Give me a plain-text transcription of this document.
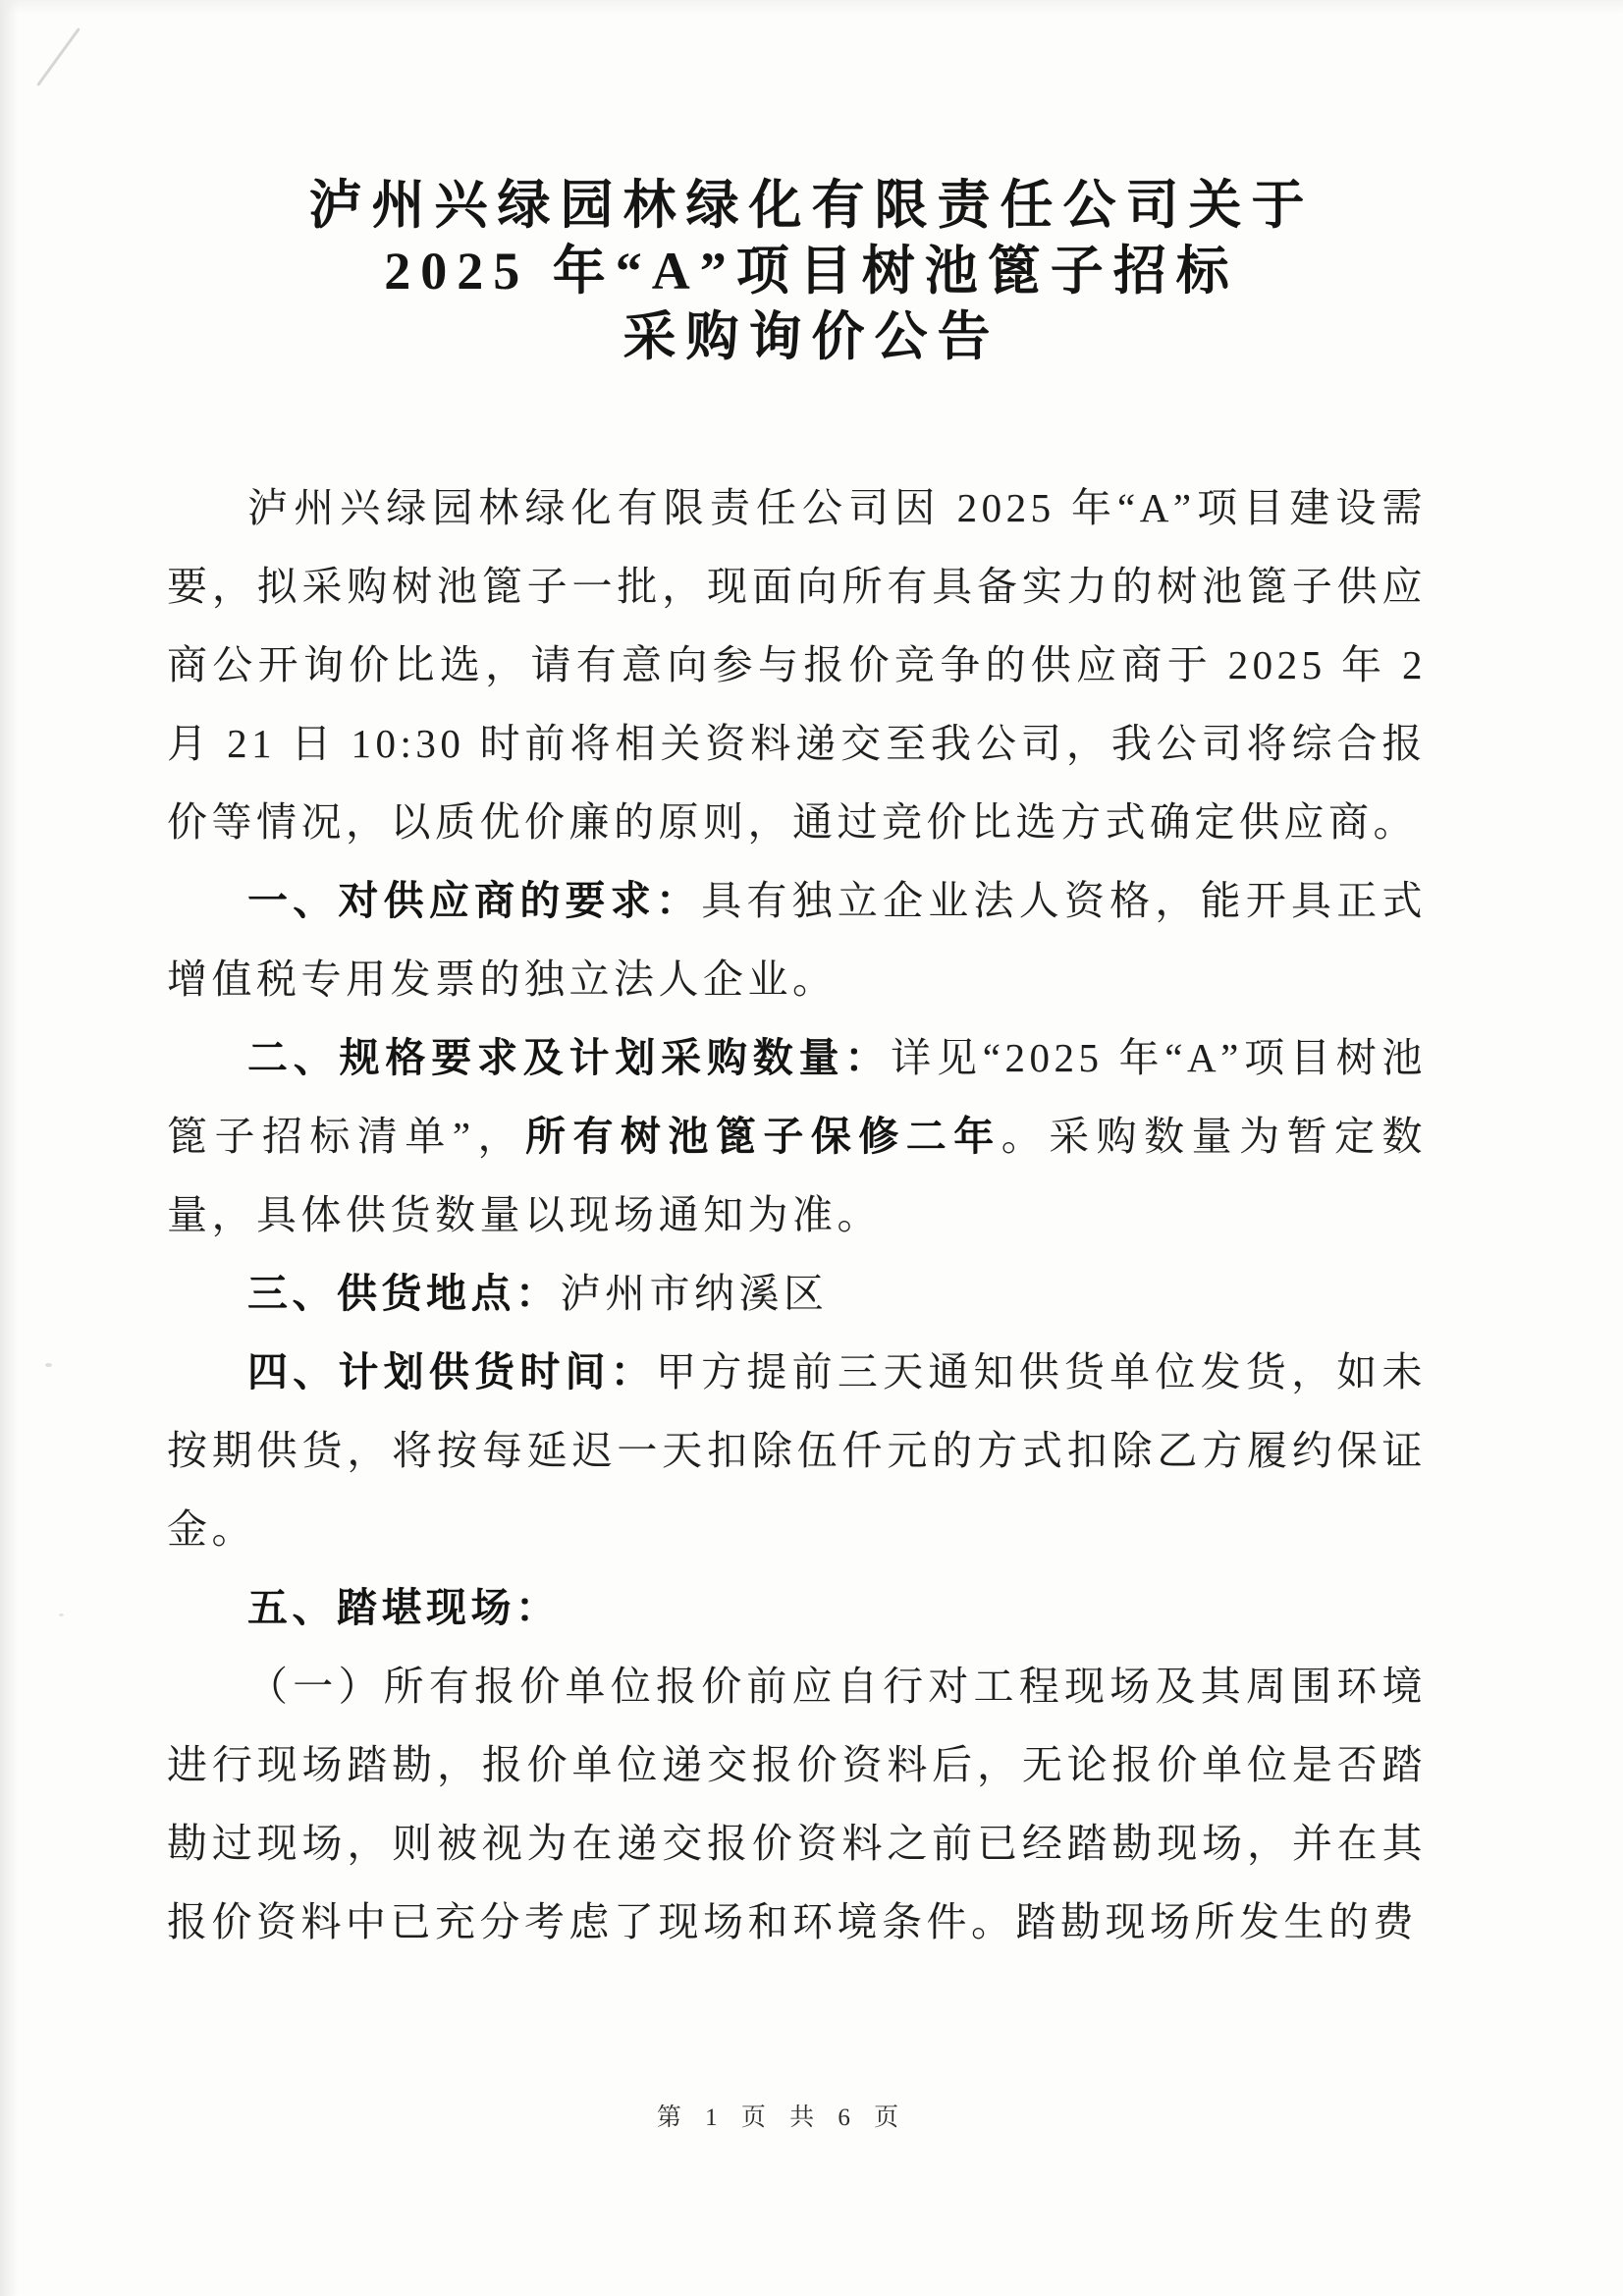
泸州兴绿园林绿化有限责任公司关于
2025 年“A”项目树池篦子招标
采购询价公告

泸州兴绿园林绿化有限责任公司因 2025 年“A”项目建设需要，拟采购树池篦子一批，现面向所有具备实力的树池篦子供应商公开询价比选，请有意向参与报价竞争的供应商于 2025 年 2 月 21 日 10:30 时前将相关资料递交至我公司，我公司将综合报价等情况，以质优价廉的原则，通过竞价比选方式确定供应商。

一、对供应商的要求：具有独立企业法人资格，能开具正式增值税专用发票的独立法人企业。

二、规格要求及计划采购数量：详见“2025 年“A”项目树池篦子招标清单”，所有树池篦子保修二年。采购数量为暂定数量，具体供货数量以现场通知为准。

三、供货地点：泸州市纳溪区

四、计划供货时间：甲方提前三天通知供货单位发货，如未按期供货，将按每延迟一天扣除伍仟元的方式扣除乙方履约保证金。

五、踏堪现场：

（一）所有报价单位报价前应自行对工程现场及其周围环境进行现场踏勘，报价单位递交报价资料后，无论报价单位是否踏勘过现场，则被视为在递交报价资料之前已经踏勘现场，并在其报价资料中已充分考虑了现场和环境条件。踏勘现场所发生的费

第 1 页 共 6 页
